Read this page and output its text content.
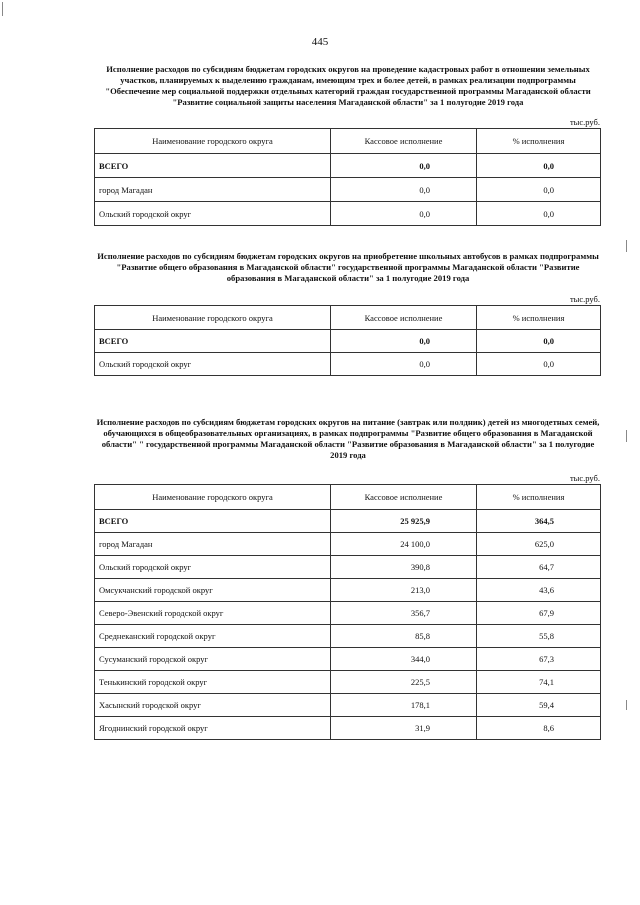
445
Исполнение расходов по субсидиям бюджетам городских округов на проведение кадастровых работ в отношении земельных участков, планируемых к выделению гражданам, имеющим трех и более детей, в рамках реализации подпрограммы "Обеспечение мер социальной поддержки отдельных категорий граждан государственной программы Магаданской области "Развитие социальной защиты населения Магаданской области" за 1 полугодие 2019 года
тыс.руб.
Наименование городского округа	Кассовое исполнение	% исполнения
ВСЕГО	0,0	0,0
город Магадан	0,0	0,0
Ольский городской округ	0,0	0,0
Исполнение расходов по субсидиям бюджетам городских округов на приобретение школьных автобусов в рамках подпрограммы "Развитие общего образования в Магаданской области" государственной программы Магаданской области "Развитие образования в Магаданской области" за 1 полугодие 2019 года
тыс.руб.
Наименование городского округа	Кассовое исполнение	% исполнения
ВСЕГО	0,0	0,0
Ольский городской округ	0,0	0,0
Исполнение расходов по субсидиям бюджетам городских округов на питание (завтрак или полдник) детей из многодетных семей, обучающихся в общеобразовательных организациях, в рамках подпрограммы "Развитие общего образования в Магаданской области" " государственной программы Магаданской области "Развитие образования в Магаданской области" за 1 полугодие 2019 года
тыс.руб.
Наименование городского округа	Кассовое исполнение	% исполнения
ВСЕГО	25 925,9	364,5
город Магадан	24 100,0	625,0
Ольский городской округ	390,8	64,7
Омсукчанский городской округ	213,0	43,6
Северо-Эвенский городской округ	356,7	67,9
Среднеканский городской округ	85,8	55,8
Сусуманский городской округ	344,0	67,3
Тенькинский городской округ	225,5	74,1
Хасынский городской округ	178,1	59,4
Ягоднинский городской округ	31,9	8,6
